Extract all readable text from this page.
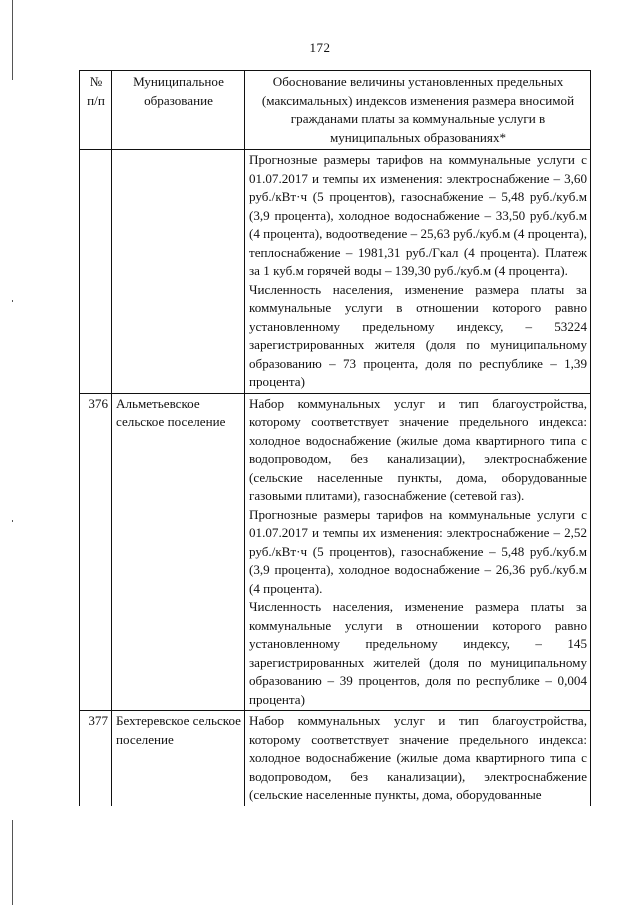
172
№ п/п	Муниципальное образование	Обоснование величины установленных предельных (максимальных) индексов изменения размера вносимой гражданами платы за коммунальные услуги в муниципальных образованиях*

		Прогнозные размеры тарифов на коммунальные услуги с 01.07.2017 и темпы их изменения: электроснабжение – 3,60 руб./кВт·ч (5 процентов), газоснабжение – 5,48 руб./куб.м (3,9 процента), холодное водоснабжение – 33,50 руб./куб.м (4 процента), водоотведение – 25,63 руб./куб.м (4 процента), теплоснабжение – 1981,31 руб./Гкал (4 процента). Платеж за 1 куб.м горячей воды – 139,30 руб./куб.м (4 процента).

Численность населения, изменение размера платы за коммунальные услуги в отношении которого равно установленному предельному индексу, – 53224 зарегистрированных жителя (доля по муниципальному образованию – 73 процента, доля по республике – 1,39 процента)

376	Альметьевское сельское поселение	Набор коммунальных услуг и тип благоустройства, которому соответствует значение предельного индекса: холодное водоснабжение (жилые дома квартирного типа с водопроводом, без канализации), электроснабжение (сельские населенные пункты, дома, оборудованные газовыми плитами), газоснабжение (сетевой газ).

Прогнозные размеры тарифов на коммунальные услуги с 01.07.2017 и темпы их изменения: электроснабжение – 2,52 руб./кВт·ч (5 процентов), газоснабжение – 5,48 руб./куб.м (3,9 процента), холодное водоснабжение – 26,36 руб./куб.м (4 процента).

Численность населения, изменение размера платы за коммунальные услуги в отношении которого равно установленному предельному индексу, – 145 зарегистрированных жителей (доля по муниципальному образованию – 39 процентов, доля по республике – 0,004 процента)

377	Бехтеревское сельское поселение	Набор коммунальных услуг и тип благоустройства, которому соответствует значение предельного индекса: холодное водоснабжение (жилые дома квартирного типа с водопроводом, без канализации), электроснабжение (сельские населенные пункты, дома, оборудованные
